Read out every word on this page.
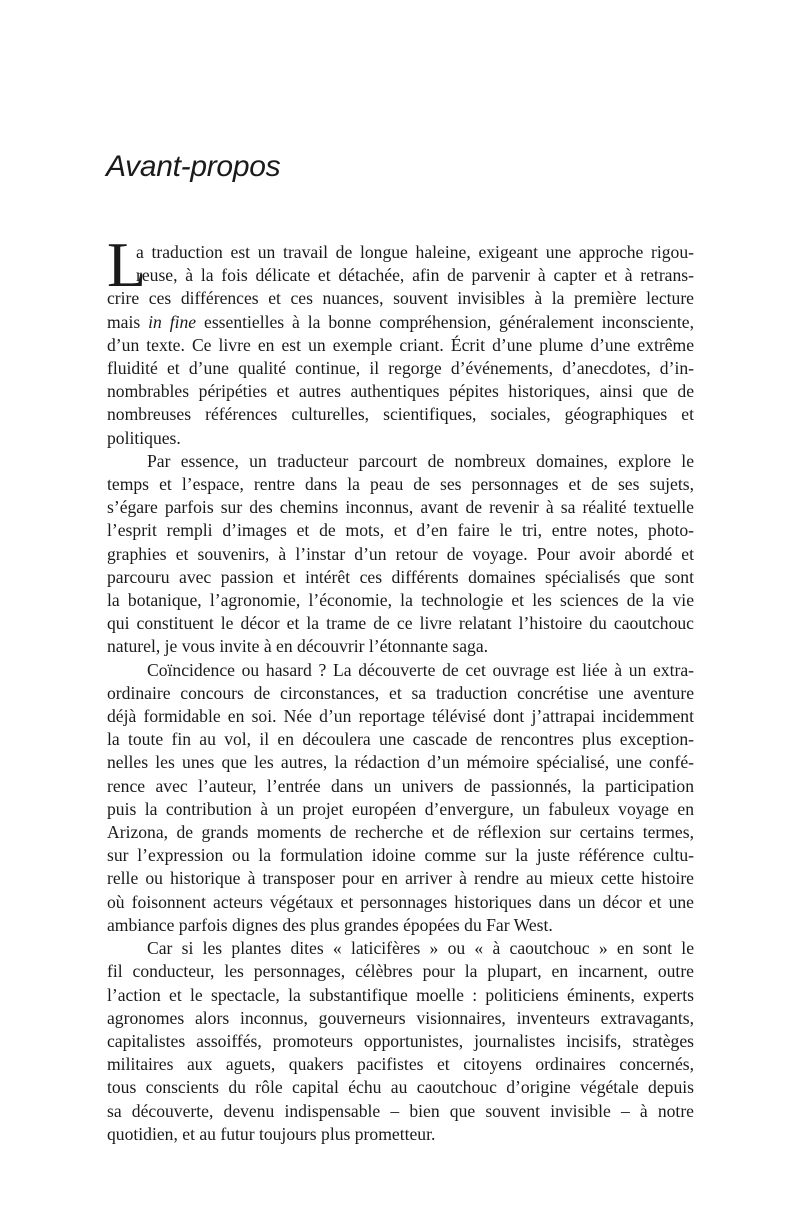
Avant-propos

L
a traduction est un travail de longue haleine, exigeant une approche rigou-
reuse, à la fois délicate et détachée, afin de parvenir à capter et à retrans-
crire ces différences et ces nuances, souvent invisibles à la première lecture
mais in fine essentielles à la bonne compréhension, généralement inconsciente,
d’un texte. Ce livre en est un exemple criant. Écrit d’une plume d’une extrême
fluidité et d’une qualité continue, il regorge d’événements, d’anecdotes, d’in-
nombrables péripéties et autres authentiques pépites historiques, ainsi que de
nombreuses références culturelles, scientifiques, sociales, géographiques et
politiques.

Par essence, un traducteur parcourt de nombreux domaines, explore le
temps et l’espace, rentre dans la peau de ses personnages et de ses sujets,
s’égare parfois sur des chemins inconnus, avant de revenir à sa réalité textuelle
l’esprit rempli d’images et de mots, et d’en faire le tri, entre notes, photo-
graphies et souvenirs, à l’instar d’un retour de voyage. Pour avoir abordé et
parcouru avec passion et intérêt ces différents domaines spécialisés que sont
la botanique, l’agronomie, l’économie, la technologie et les sciences de la vie
qui constituent le décor et la trame de ce livre relatant l’histoire du caoutchouc
naturel, je vous invite à en découvrir l’étonnante saga.

Coïncidence ou hasard ? La découverte de cet ouvrage est liée à un extra-
ordinaire concours de circonstances, et sa traduction concrétise une aventure
déjà formidable en soi. Née d’un reportage télévisé dont j’attrapai incidemment
la toute fin au vol, il en découlera une cascade de rencontres plus exception-
nelles les unes que les autres, la rédaction d’un mémoire spécialisé, une confé-
rence avec l’auteur, l’entrée dans un univers de passionnés, la participation
puis la contribution à un projet européen d’envergure, un fabuleux voyage en
Arizona, de grands moments de recherche et de réflexion sur certains termes,
sur l’expression ou la formulation idoine comme sur la juste référence cultu-
relle ou historique à transposer pour en arriver à rendre au mieux cette histoire
où foisonnent acteurs végétaux et personnages historiques dans un décor et une
ambiance parfois dignes des plus grandes épopées du Far West.

Car si les plantes dites « laticifères » ou « à caoutchouc » en sont le
fil conducteur, les personnages, célèbres pour la plupart, en incarnent, outre
l’action et le spectacle, la substantifique moelle : politiciens éminents, experts
agronomes alors inconnus, gouverneurs visionnaires, inventeurs extravagants,
capitalistes assoiffés, promoteurs opportunistes, journalistes incisifs, stratèges
militaires aux aguets, quakers pacifistes et citoyens ordinaires concernés,
tous conscients du rôle capital échu au caoutchouc d’origine végétale depuis
sa découverte, devenu indispensable – bien que souvent invisible – à notre
quotidien, et au futur toujours plus prometteur.
